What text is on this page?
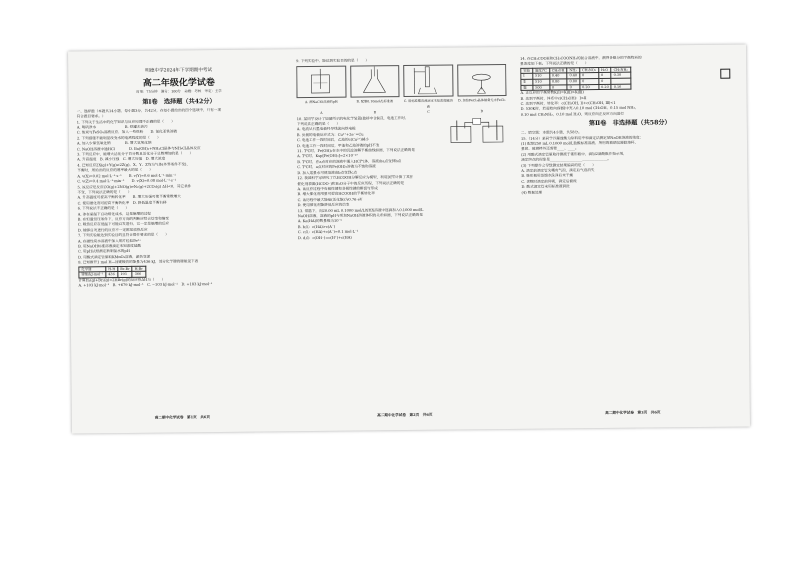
明德中学2024年下学期期中考试
高二年级化学试卷
时量：75分钟　满分：100分　命题：考核　审定：王学
第Ⅰ卷　选择题（共42分）
一、选择题（本题共14小题，每小题3分，共42分，在每小题给出的四个选项中，只有一项
符合题目要求。）
1. 下列关于生活中的化学知识与反应原理不正确的是（　　）
A. 明矾净水　　　　　　　　B. 铁罐去油污
C. 焦炭与FeSO₄溶液反应，加入一些铁粉　　D. 氯化亚铁溶液
2. 下列措施不能明显改变水的电离程度的是（　　）
A. 加入少量氢氧化钠　　　　B. 增大氢氧化钠
C. NaOH溶液中通HCl　　　　D. Ba(OH)₂+NH₄Cl晶体与NH₄Cl晶体反应
3. 下列反应中，能增大活化分子百分数且活化分子总数增加的是（　　）
A. 升高温度　B. 减小压强　C. 增大压强　D. 增大浓度
4. 已知反应2X(g)+Y(g)⇌2Z(g)，X、Y、Z均为气体(外界条件不变)，
平衡时，所给出的反应的速率最大的是（　　）
A. v(X)=0.02 mol·L⁻¹·s⁻¹　　B. v(Y)=0.6 mol·L⁻¹·min⁻¹
C. v(Z)=0.4 mol·L⁻¹·min⁻¹　　D. v(X)=0.08 mol·L⁻¹·s⁻¹
5. 该反应是反应CO(g)+2NO(g)⇌N₂(g)+2CO₂(g) ΔH<0，其它条件
不变，下列说法正确的是（　　）
A. 升高温度可提高平衡转化率　　B. 增大压强可使平衡常数增大
C. 使用催化剂可提高平衡转化率　D. 降低温度平衡右移
6. 下列说法不正确的是（　　）
A. 冰在室温下自动熔化成水，这是熵增的过程
B. 在恒温恒压条件下，反应方向的判断应综合焓变和熵变
C. 吸热反应在低温下可能自发进行，它一定是熵增的反应
D. 能够自发进行的反应不一定都是放热反应
7. 下列实验能达到实验目的且符合操作要求的是（　　）
A. 在磁性炭水溶液中加入铜片检验Fe³⁺
B. 用NaOH标准溶液滴定未知浓度盐酸
C. 用pH试纸测定新制氯水的pH
D. 用酸式滴定管量取KMnO₄溶液，颜色变深
8. 已知断开1 mol H—H键吸收的能量为436 kJ，部分化学键的键能见下表
化学键	H-H	Br-Br	H-Br
键能/kJ·mol⁻¹	436	193	366
计算H₂(g)+Br₂(g)=2HBr(g)的反应热ΔH为（　　）
A. +103 kJ·mol⁻¹　B. +679 kJ·mol⁻¹　C. −103 kJ·mol⁻¹　D. +183 kJ·mol⁻¹
高二期中化学试卷　第1页　共6页
9. 下列实验中，能达到实验目的的是（　　）
A. 测NaClO溶液的pH	B. 配制0.10mol/L标准液	C. 用标准酸溶液滴定未知浓度碱溶液
D. 加热FeCl₃晶体制备无水FeCl₃
A	B	C	D
10. 某同学设计了如图所示的电化学装置(盐桥中含KCl，电池工作时，
下列说法正确的是（　　）
A. 电流从石墨电极经导线流向铁电极
B. 负极的电极反应式为：Cu²⁺+2e⁻=Cu
C. 电池工作一段时间后，乙池的c(Cu²⁺)减小
D. 电池工作一段时间后，甲池和乙池溶液的pH不变
11. T℃时，Fe(OH)₃在水中的沉淀溶解平衡曲线如图，下列说法正确的是
A. T℃时，Ksp[Fe(OH)₃]=2×10⁻²⁹
B. T℃时，在a点对应的溶液中通入HCl气体，溶液由a点变到b点
C. T℃时，a点对应的Fe(OH)₃溶液为不饱和溶液
D. 加入适量水可使溶液由b点变到c点
12. 我国科学家研究了以HCOOH分解反应为模型，利用DFT计算了其在
催化剂表面(HCOO⁻)和H₂O分子中的反应历程，下列说法正确的是
A. 该反应过程中有极性键和非极性键的断裂与形成
B. 增大催化剂用量可提高HCOOH的平衡转化率
C. 该历程中最大能垒(活化能)为0.76 eV
D. 使用催化剂能降低反应的焓变
13. 常温下，向20.00 mL 0.1000 mol/L的HX溶液中逐滴加入0.1000 mol/L
NaOH溶液，溶液的pH与所加NaOH溶液体积的关系如图，下列说法正确的是
A. Ka(HA)的数量级为10⁻⁵
B. b点：c(HA)>c(A⁻)
C. c点：c(HA)+c(A⁻)=0.1 mol·L⁻¹
D. d点：c(OH⁻)=c(H⁺)+c(HA)
高二期中化学试卷　第2页　共6页
14. 在CH₃COOH和CH₃COONH₄的混合溶液中，测得各组分的平衡物质的
量浓度如下表。下列说法正确的是（　　）
实验	温度/℃	CH₃OH	NH₃	CH₃NO₂	H₂O	CH₃NH₂
Ⅰ	510	0.40	0.40	0	0	0.30
Ⅱ	510	0.80	0.80	0	0	
Ⅲ	500	0	0	0.20	0.20	0.16
A. 正反应的平衡常数K(Ⅰ)=K(Ⅱ)>K(Ⅲ)
B. 达到平衡时，体系中c(CH₃OH)：Ⅰ>Ⅱ
C. 达到平衡时，转化率：c(CH₃OH, Ⅰ)+c(CH₃OH, Ⅲ)<1
D. 530K时，若起始向容器Ⅰ中充入0.10 mol CH₃OH，0.15 mol NH₃，
0.10 mol CH₃NH₂，0.10 mol H₂O，则反应向正反应方向进行
第Ⅱ卷　非选择题（共58分）
二、填空题：本题共4小题，共58分。
15.（14分）某同学以稀盐酸为原料用中和滴定法测定某NaOH溶液的浓度：
(1) 配制250 mL 0.1000 mol/L盐酸标准溶液，所用的玻璃仪器除烧杯、
量筒、玻璃棒外还需要____、____。
(2) 用酸式滴定管量取待测液于锥形瓶中，滴加2滴酚酞作指示剂，
滴定终点的现象是________________________________。
(3) 下列操作会导致测定结果偏高的是（　　）
A. 滴定前滴定管尖嘴有气泡，滴定后气泡消失
B. 锥形瓶用蒸馏水洗净后未干燥
C. 读数时滴定前仰视，滴定后俯视
D. 酸式滴定管未用标准液润洗
(4) 数据处理
高二期中化学试卷　第3页　共6页
